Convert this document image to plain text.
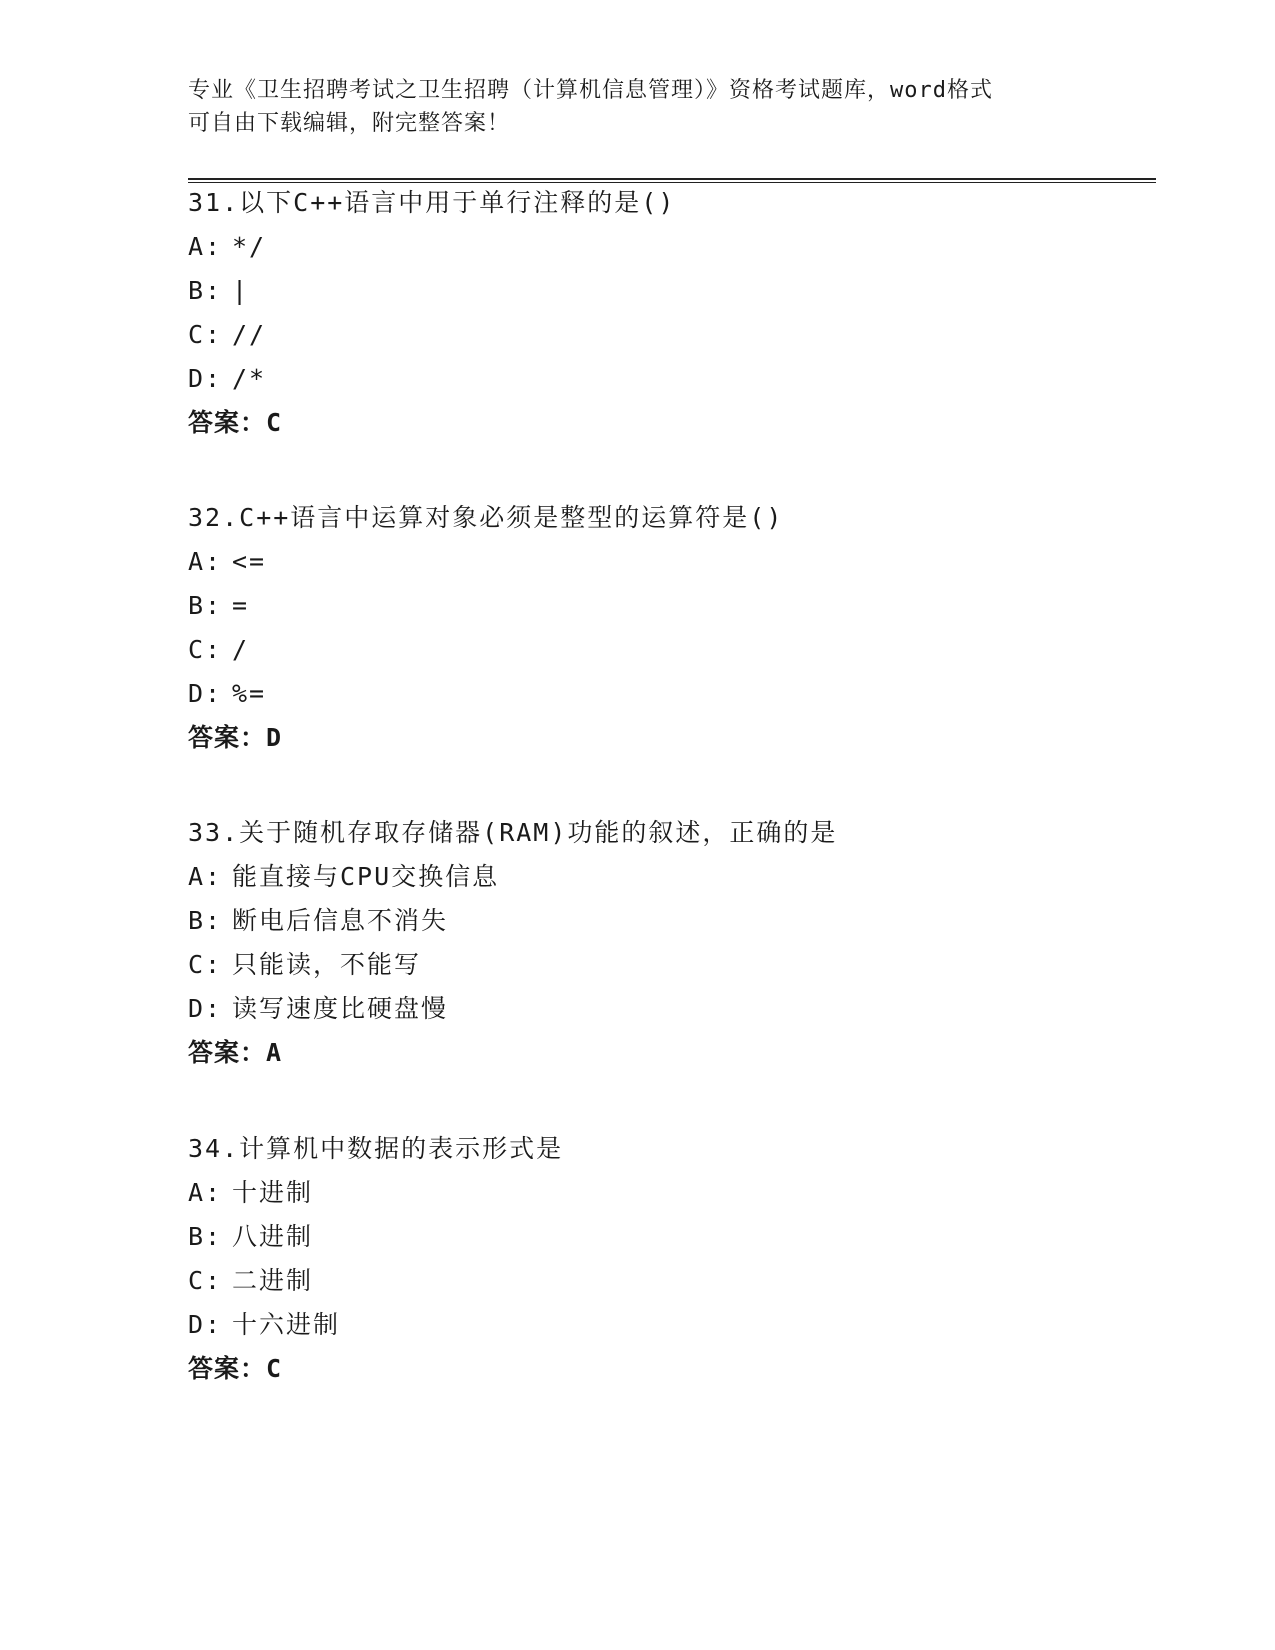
专业《卫生招聘考试之卫生招聘（计算机信息管理）》资格考试题库，word格式
可自由下载编辑，附完整答案！
31.以下C++语言中用于单行注释的是()
A: */
B: |
C: //
D: /*
答案：C
32.C++语言中运算对象必须是整型的运算符是()
A: <=
B: =
C: /
D: %=
答案：D
33.关于随机存取存储器(RAM)功能的叙述，正确的是
A: 能直接与CPU交换信息
B: 断电后信息不消失
C: 只能读，不能写
D: 读写速度比硬盘慢
答案：A
34.计算机中数据的表示形式是
A: 十进制
B: 八进制
C: 二进制
D: 十六进制
答案：C
